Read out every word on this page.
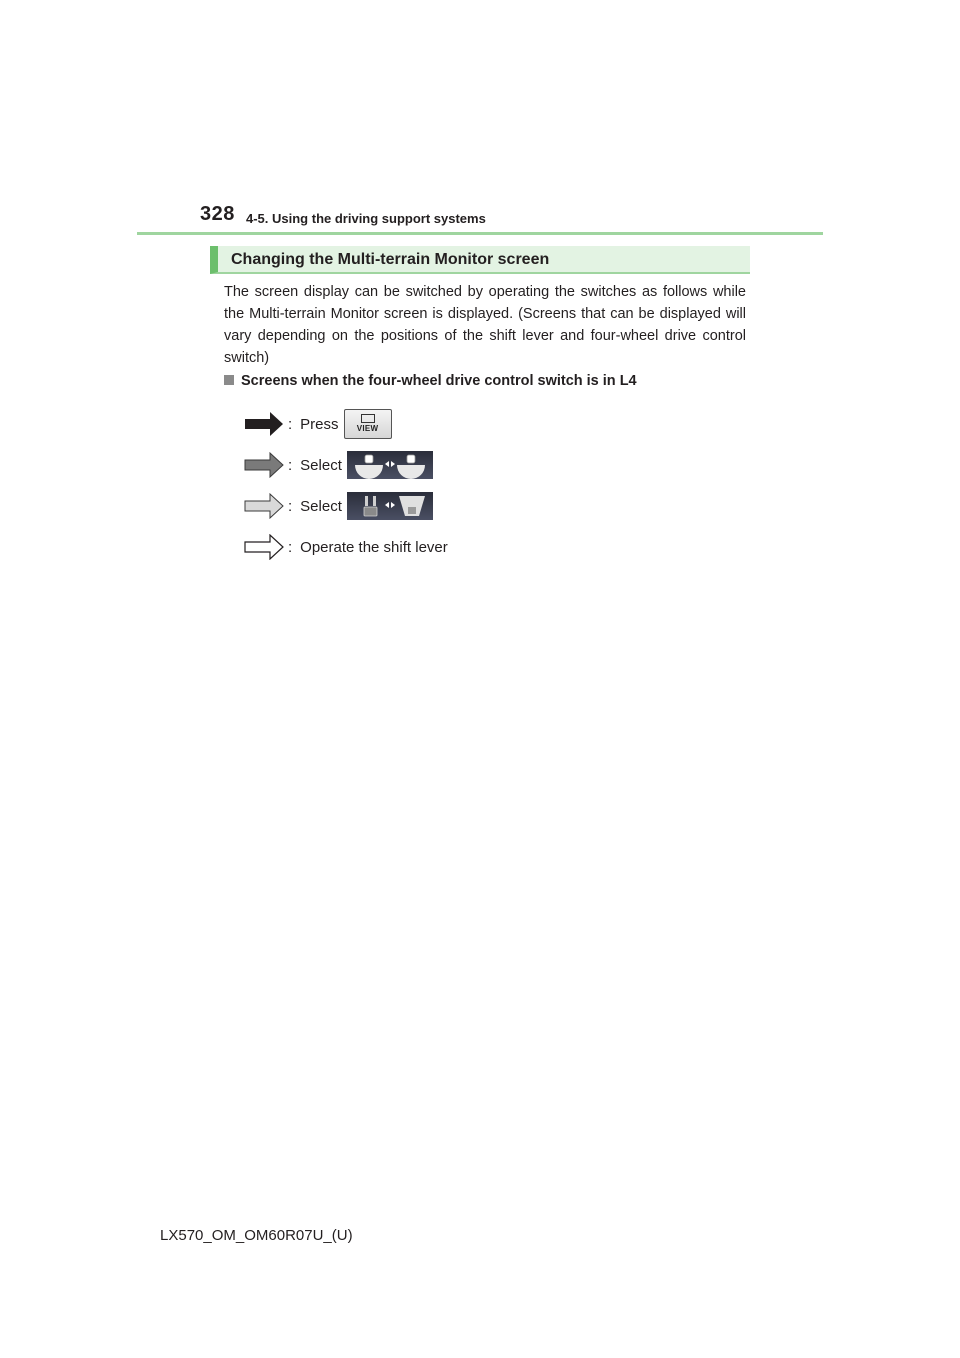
328 4-5. Using the driving support systems
Changing the Multi-terrain Monitor screen

The screen display can be switched by operating the switches as follows while the Multi-terrain Monitor screen is displayed. (Screens that can be displayed will vary depending on the positions of the shift lever and four-wheel drive control switch)

Screens when the four-wheel drive control switch is in L4
: Press	VIEW
: Select
: Select
: Operate the shift lever
LX570_OM_OM60R07U_(U)
